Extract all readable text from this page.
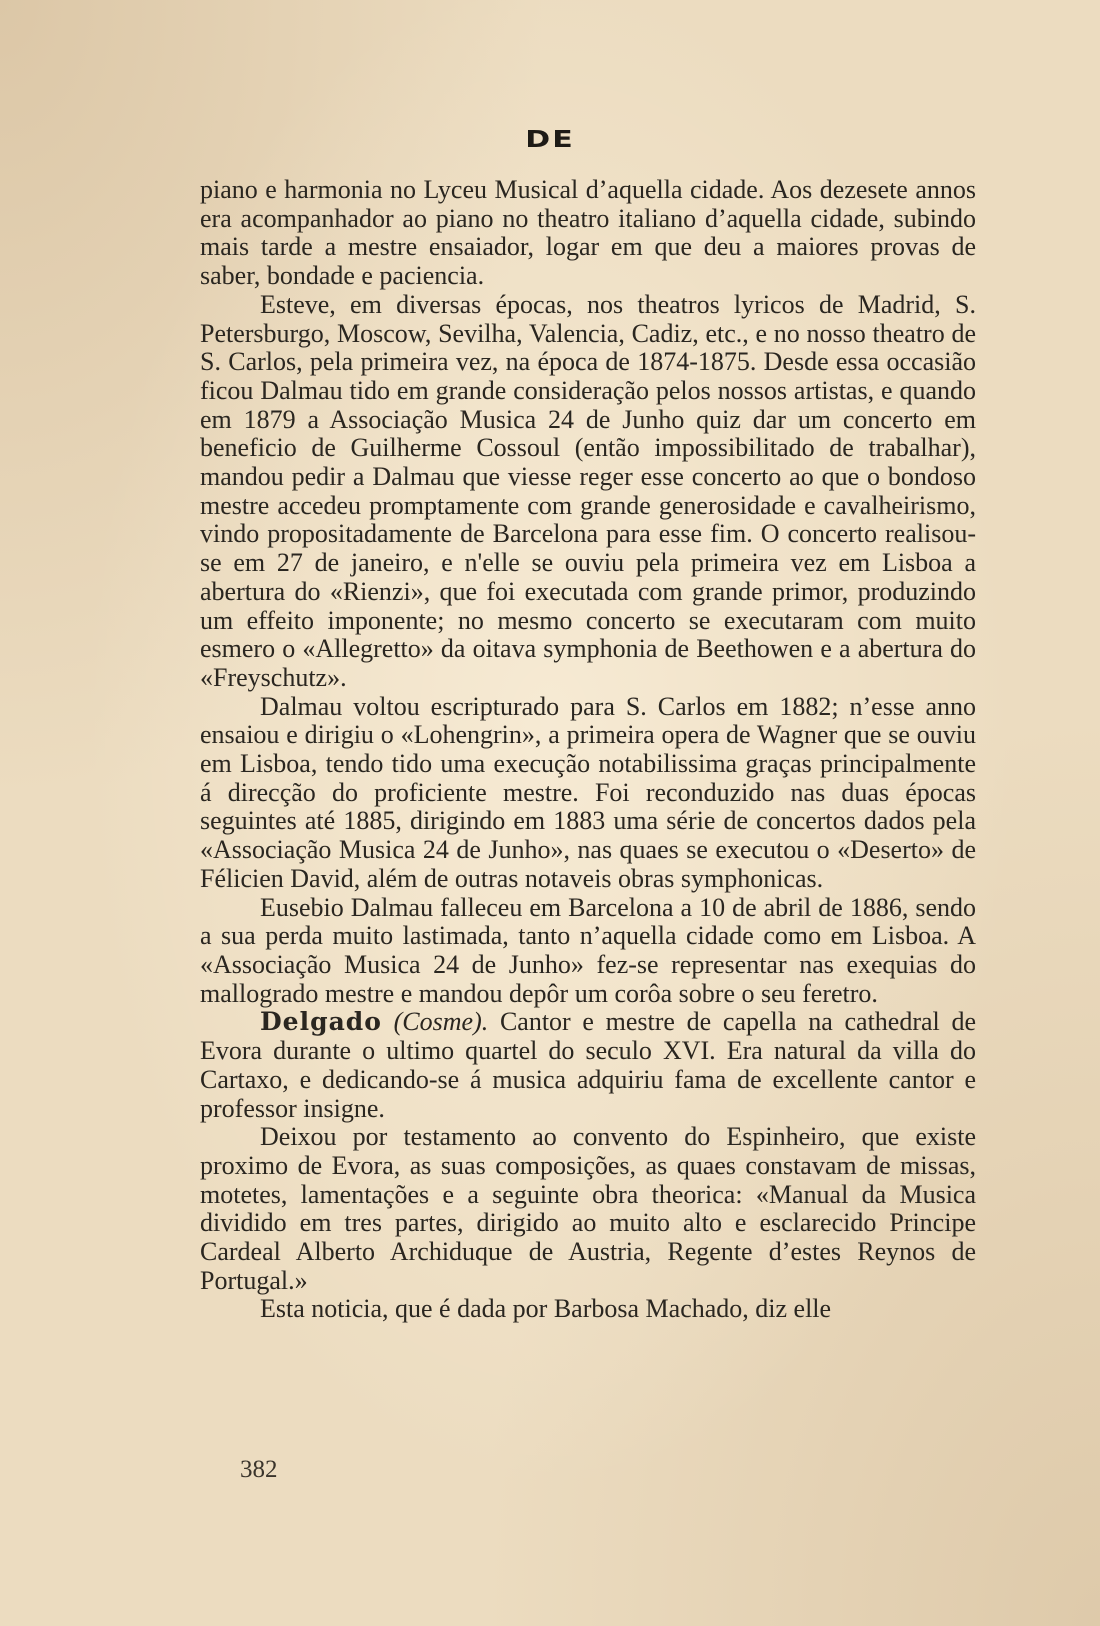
DE

piano e harmonia no Lyceu Musical d’aquella cidade. Aos dezesete annos era acompanhador ao piano no theatro italiano d’aquella cidade, subindo mais tarde a mestre ensaiador, logar em que deu a maiores provas de saber, bondade e paciencia.

Esteve, em diversas épocas, nos theatros lyricos de Madrid, S. Petersburgo, Moscow, Sevilha, Valencia, Cadiz, etc., e no nosso theatro de S. Carlos, pela primeira vez, na época de 1874-1875. Desde essa occasião ficou Dalmau tido em grande consideração pelos nossos artistas, e quando em 1879 a Associação Musica 24 de Junho quiz dar um concerto em beneficio de Guilherme Cossoul (então impossibilitado de trabalhar), mandou pedir a Dalmau que viesse reger esse concerto ao que o bondoso mestre accedeu promptamente com grande generosidade e cavalheirismo, vindo propositadamente de Barcelona para esse fim. O concerto realisou-se em 27 de janeiro, e n'elle se ouviu pela primeira vez em Lisboa a abertura do «Rienzi», que foi executada com grande primor, produzindo um effeito imponente; no mesmo concerto se executaram com muito esmero o «Allegretto» da oitava symphonia de Beethowen e a abertura do «Freyschutz».

Dalmau voltou escripturado para S. Carlos em 1882; n’esse anno ensaiou e dirigiu o «Lohengrin», a primeira opera de Wagner que se ouviu em Lisboa, tendo tido uma execução notabilissima graças principalmente á direcção do proficiente mestre. Foi reconduzido nas duas épocas seguintes até 1885, dirigindo em 1883 uma série de concertos dados pela «Associação Musica 24 de Junho», nas quaes se executou o «Deserto» de Félicien David, além de outras notaveis obras symphonicas.

Eusebio Dalmau falleceu em Barcelona a 10 de abril de 1886, sendo a sua perda muito lastimada, tanto n’aquella cidade como em Lisboa. A «Associação Musica 24 de Junho» fez-se representar nas exequias do mallogrado mestre e mandou depôr um corôa sobre o seu feretro.

Delgado (Cosme). Cantor e mestre de capella na cathedral de Evora durante o ultimo quartel do seculo XVI. Era natural da villa do Cartaxo, e dedicando-se á musica adquiriu fama de excellente cantor e professor insigne.

Deixou por testamento ao convento do Espinheiro, que existe proximo de Evora, as suas composições, as quaes constavam de missas, motetes, lamentações e a seguinte obra theorica: «Manual da Musica dividido em tres partes, dirigido ao muito alto e esclarecido Principe Cardeal Alberto Archiduque de Austria, Regente d’estes Reynos de Portugal.»

Esta noticia, que é dada por Barbosa Machado, diz elle

382
